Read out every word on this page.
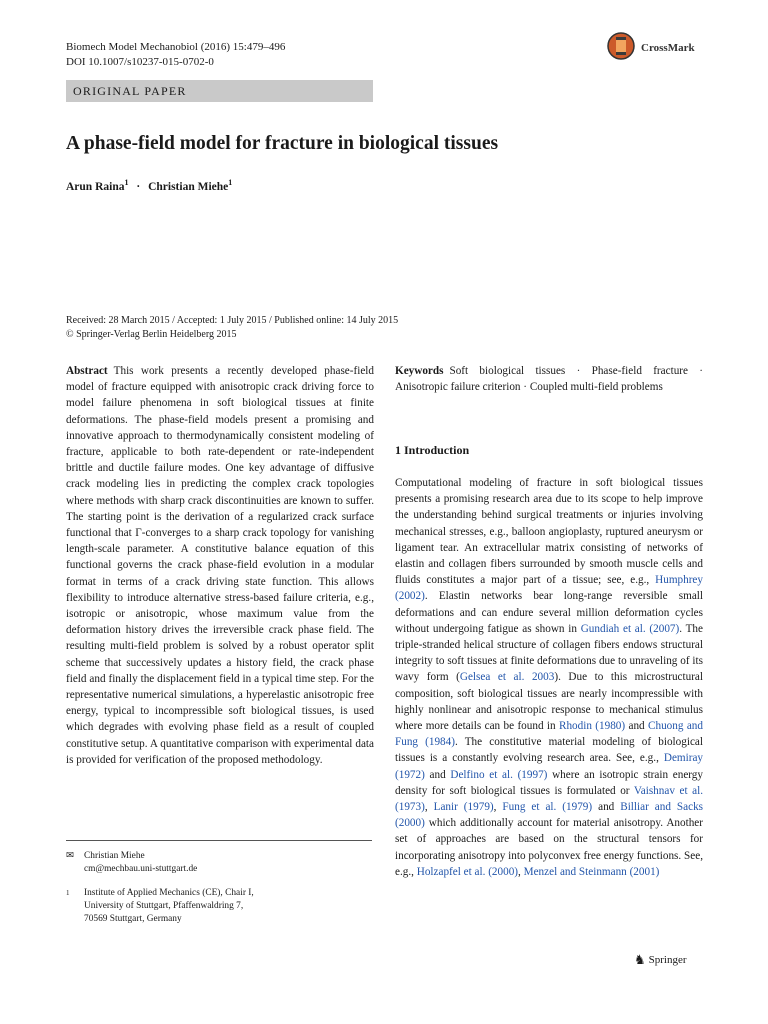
Biomech Model Mechanobiol (2016) 15:479–496
DOI 10.1007/s10237-015-0702-0
CrossMark
ORIGINAL PAPER
A phase-field model for fracture in biological tissues
Arun Raina$^1$ · Christian Miehe$^1$
Received: 28 March 2015 / Accepted: 1 July 2015 / Published online: 14 July 2015
© Springer-Verlag Berlin Heidelberg 2015
Abstract This work presents a recently developed phase-field model of fracture equipped with anisotropic crack driving force to model failure phenomena in soft biological tissues at finite deformations. The phase-field models present a promising and innovative approach to thermodynamically consistent modeling of fracture, applicable to both rate-dependent or rate-independent brittle and ductile failure modes. One key advantage of diffusive crack modeling lies in predicting the complex crack topologies where methods with sharp crack discontinuities are known to suffer. The starting point is the derivation of a regularized crack surface functional that Γ-converges to a sharp crack topology for vanishing length-scale parameter. A constitutive balance equation of this functional governs the crack phase-field evolution in a modular format in terms of a crack driving state function. This allows flexibility to introduce alternative stress-based failure criteria, e.g., isotropic or anisotropic, whose maximum value from the deformation history drives the irreversible crack phase field. The resulting multi-field problem is solved by a robust operator split scheme that successively updates a history field, the crack phase field and finally the displacement field in a typical time step. For the representative numerical simulations, a hyperelastic anisotropic free energy, typical to incompressible soft biological tissues, is used which degrades with evolving phase field as a result of coupled constitutive setup. A quantitative comparison with experimental data is provided for verification of the proposed methodology.
Keywords Soft biological tissues · Phase-field fracture · Anisotropic failure criterion · Coupled multi-field problems
1 Introduction
Computational modeling of fracture in soft biological tissues presents a promising research area due to its scope to help improve the understanding behind surgical treatments or injuries involving mechanical stresses, e.g., balloon angioplasty, ruptured aneurysm or ligament tear. An extracellular matrix consisting of networks of elastin and collagen fibers surrounded by smooth muscle cells and fluids constitutes a major part of a tissue; see, e.g., Humphrey (2002). Elastin networks bear long-range reversible small deformations and can endure several million deformation cycles without undergoing fatigue as shown in Gundiah et al. (2007). The triple-stranded helical structure of collagen fibers endows structural integrity to soft tissues at finite deformations due to unraveling of its wavy form (Gelsea et al. 2003). Due to this microstructural composition, soft biological tissues are nearly incompressible with highly nonlinear and anisotropic response to mechanical stimulus where more details can be found in Rhodin (1980) and Chuong and Fung (1984). The constitutive material modeling of biological tissues is a constantly evolving research area. See, e.g., Demiray (1972) and Delfino et al. (1997) where an isotropic strain energy density for soft biological tissues is formulated or Vaishnav et al. (1973), Lanir (1979), Fung et al. (1979) and Billiar and Sacks (2000) which additionally account for material anisotropy. Another set of approaches are based on the structural tensors for incorporating anisotropy into polyconvex free energy functions. See, e.g., Holzapfel et al. (2000), Menzel and Steinmann (2001)
✉	Christian Miehe
cm@mechbau.uni-stuttgart.de
1	Institute of Applied Mechanics (CE), Chair I,
University of Stuttgart, Pfaffenwaldring 7,
70569 Stuttgart, Germany
♞ Springer
